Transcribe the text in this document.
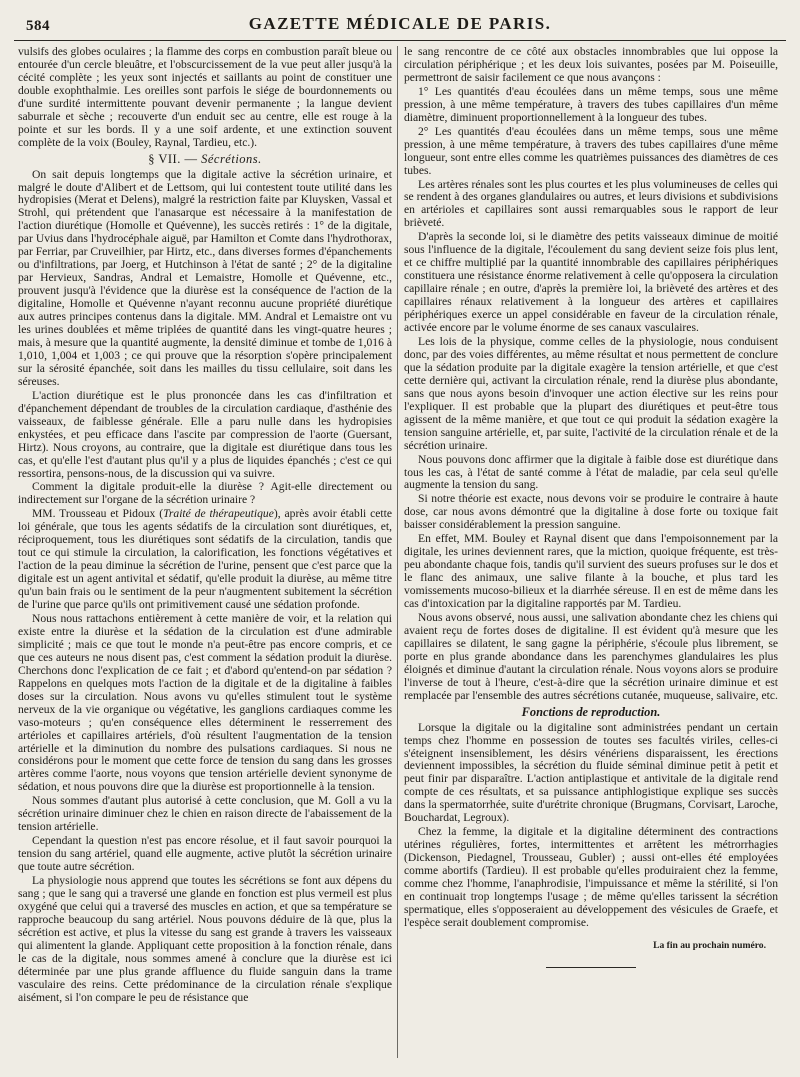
584	GAZETTE MÉDICALE DE PARIS.

vulsifs des globes oculaires ; la flamme des corps en combustion paraît bleue ou entourée d'un cercle bleuâtre, et l'obscurcissement de la vue peut aller jusqu'à la cécité complète ; les yeux sont injectés et saillants au point de constituer une double exophthalmie. Les oreilles sont parfois le siége de bourdonnements ou d'une surdité intermittente pouvant devenir permanente ; la langue devient saburrale et sèche ; recouverte d'un enduit sec au centre, elle est rouge à la pointe et sur les bords. Il y a une soif ardente, et une extinction souvent complète de la voix (Bouley, Raynal, Tardieu, etc.).

§ VII. — Sécrétions.

On sait depuis longtemps que la digitale active la sécrétion urinaire, et malgré le doute d'Alibert et de Lettsom, qui lui contestent toute utilité dans les hydropisies (Merat et Delens), malgré la restriction faite par Kluysken, Vassal et Strohl, qui prétendent que l'anasarque est nécessaire à la manifestation de l'action diurétique (Homolle et Quévenne), les succès retirés : 1° de la digitale, par Uvius dans l'hydrocéphale aiguë, par Hamilton et Comte dans l'hydrothorax, par Ferriar, par Cruveilhier, par Hirtz, etc., dans diverses formes d'épanchements ou d'infiltrations, par Joerg, et Hutchinson à l'état de santé ; 2° de la digitaline par Hervieux, Sandras, Andral et Lemaistre, Homolle et Quévenne, etc., prouvent jusqu'à l'évidence que la diurèse est la conséquence de l'action de la digitaline, Homolle et Quévenne n'ayant reconnu aucune propriété diurétique aux autres principes contenus dans la digitale. MM. Andral et Lemaistre ont vu les urines doublées et même triplées de quantité dans les vingt-quatre heures ; mais, à mesure que la quantité augmente, la densité diminue et tombe de 1,016 à 1,010, 1,004 et 1,003 ; ce qui prouve que la résorption s'opère principalement sur la sérosité épanchée, soit dans les mailles du tissu cellulaire, soit dans les séreuses.

L'action diurétique est le plus prononcée dans les cas d'infiltration et d'épanchement dépendant de troubles de la circulation cardiaque, d'asthénie des vaisseaux, de faiblesse générale. Elle a paru nulle dans les hydropisies enkystées, et peu efficace dans l'ascite par compression de l'aorte (Guersant, Hirtz). Nous croyons, au contraire, que la digitale est diurétique dans tous les cas, et qu'elle l'est d'autant plus qu'il y a plus de liquides épanchés ; c'est ce qui ressortira, pensons-nous, de la discussion qui va suivre.

Comment la digitale produit-elle la diurèse ? Agit-elle directement ou indirectement sur l'organe de la sécrétion urinaire ?

MM. Trousseau et Pidoux (Traité de thérapeutique), après avoir établi cette loi générale, que tous les agents sédatifs de la circulation sont diurétiques, et, réciproquement, tous les diurétiques sont sédatifs de la circulation, tandis que tout ce qui stimule la circulation, la calorification, les fonctions végétatives et l'action de la peau diminue la sécrétion de l'urine, pensent que c'est parce que la digitale est un agent antivital et sédatif, qu'elle produit la diurèse, au même titre qu'un bain frais ou le sentiment de la peur n'augmentent subitement la sécrétion de l'urine que parce qu'ils ont primitivement causé une sédation profonde.

Nous nous rattachons entièrement à cette manière de voir, et la relation qui existe entre la diurèse et la sédation de la circulation est d'une admirable simplicité ; mais ce que tout le monde n'a peut-être pas encore compris, et ce que ces auteurs ne nous disent pas, c'est comment la sédation produit la diurèse. Cherchons donc l'explication de ce fait ; et d'abord qu'entend-on par sédation ? Rappelons en quelques mots l'action de la digitale et de la digitaline à faibles doses sur la circulation. Nous avons vu qu'elles stimulent tout le système nerveux de la vie organique ou végétative, les ganglions cardiaques comme les vaso-moteurs ; qu'en conséquence elles déterminent le resserrement des artérioles et capillaires artériels, d'où résultent l'augmentation de la tension artérielle et la diminution du nombre des pulsations cardiaques. Si nous ne considérons pour le moment que cette force de tension du sang dans les grosses artères comme l'aorte, nous voyons que tension artérielle devient synonyme de sédation, et nous pouvons dire que la diurèse est proportionnelle à la tension.

Nous sommes d'autant plus autorisé à cette conclusion, que M. Goll a vu la sécrétion urinaire diminuer chez le chien en raison directe de l'abaissement de la tension artérielle.

Cependant la question n'est pas encore résolue, et il faut savoir pourquoi la tension du sang artériel, quand elle augmente, active plutôt la sécrétion urinaire que toute autre sécrétion.

La physiologie nous apprend que toutes les sécrétions se font aux dépens du sang ; que le sang qui a traversé une glande en fonction est plus vermeil est plus oxygéné que celui qui a traversé des muscles en action, et que sa température se rapproche beaucoup du sang artériel. Nous pouvons déduire de là que, plus la sécrétion est active, et plus la vitesse du sang est grande à travers les vaisseaux qui alimentent la glande. Appliquant cette proposition à la fonction rénale, dans le cas de la digitale, nous sommes amené à conclure que la diurèse est ici déterminée par une plus grande affluence du fluide sanguin dans la trame vasculaire des reins. Cette prédominance de la circulation rénale s'explique aisément, si l'on compare le peu de résistance que

le sang rencontre de ce côté aux obstacles innombrables que lui oppose la circulation périphérique ; et les deux lois suivantes, posées par M. Poiseuille, permettront de saisir facilement ce que nous avançons :

1° Les quantités d'eau écoulées dans un même temps, sous une même pression, à une même température, à travers des tubes capillaires d'un même diamètre, diminuent proportionnellement à la longueur des tubes.

2° Les quantités d'eau écoulées dans un même temps, sous une même pression, à une même température, à travers des tubes capillaires d'une même longueur, sont entre elles comme les quatrièmes puissances des diamètres de ces tubes.

Les artères rénales sont les plus courtes et les plus volumineuses de celles qui se rendent à des organes glandulaires ou autres, et leurs divisions et subdivisions en artérioles et capillaires sont aussi remarquables sous le rapport de leur brièveté.

D'après la seconde loi, si le diamètre des petits vaisseaux diminue de moitié sous l'influence de la digitale, l'écoulement du sang devient seize fois plus lent, et ce chiffre multiplié par la quantité innombrable des capillaires périphériques constituera une résistance énorme relativement à celle qu'opposera la circulation capillaire rénale ; en outre, d'après la première loi, la brièveté des artères et des capillaires rénaux relativement à la longueur des artères et capillaires périphériques exerce un appel considérable en faveur de la circulation rénale, activée encore par le volume énorme de ses canaux vasculaires.

Les lois de la physique, comme celles de la physiologie, nous conduisent donc, par des voies différentes, au même résultat et nous permettent de conclure que la sédation produite par la digitale exagère la tension artérielle, et que c'est cette dernière qui, activant la circulation rénale, rend la diurèse plus abondante, sans que nous ayons besoin d'invoquer une action élective sur les reins pour l'expliquer. Il est probable que la plupart des diurétiques et peut-être tous agissent de la même manière, et que tout ce qui produit la sédation exagère la tension sanguine artérielle, et, par suite, l'activité de la circulation rénale et de la sécrétion urinaire.

Nous pouvons donc affirmer que la digitale à faible dose est diurétique dans tous les cas, à l'état de santé comme à l'état de maladie, par cela seul qu'elle augmente la tension du sang.

Si notre théorie est exacte, nous devons voir se produire le contraire à haute dose, car nous avons démontré que la digitaline à dose forte ou toxique fait baisser considérablement la pression sanguine.

En effet, MM. Bouley et Raynal disent que dans l'empoisonnement par la digitale, les urines deviennent rares, que la miction, quoique fréquente, est très-peu abondante chaque fois, tandis qu'il survient des sueurs profuses sur le dos et le flanc des animaux, une salive filante à la bouche, et plus tard les vomissements mucoso-bilieux et la diarrhée séreuse. Il en est de même dans les cas d'intoxication par la digitaline rapportés par M. Tardieu.

Nous avons observé, nous aussi, une salivation abondante chez les chiens qui avaient reçu de fortes doses de digitaline. Il est évident qu'à mesure que les capillaires se dilatent, le sang gagne la périphérie, s'écoule plus librement, se porte en plus grande abondance dans les parenchymes glandulaires les plus éloignés et diminue d'autant la circulation rénale. Nous voyons alors se produire l'inverse de tout à l'heure, c'est-à-dire que la sécrétion urinaire diminue et est remplacée par l'ensemble des autres sécrétions cutanée, muqueuse, salivaire, etc.

Fonctions de reproduction.

Lorsque la digitale ou la digitaline sont administrées pendant un certain temps chez l'homme en possession de toutes ses facultés viriles, celles-ci s'éteignent insensiblement, les désirs vénériens disparaissent, les érections deviennent impossibles, la sécrétion du fluide séminal diminue petit à petit et peut finir par disparaître. L'action antiplastique et antivitale de la digitale rend compte de ces résultats, et sa puissance antiphlogistique explique ses succès dans la spermatorrhée, suite d'urétrite chronique (Brugmans, Corvisart, Laroche, Bouchardat, Legroux).

Chez la femme, la digitale et la digitaline déterminent des contractions utérines régulières, fortes, intermittentes et arrêtent les métrorrhagies (Dickenson, Piedagnel, Trousseau, Gubler) ; aussi ont-elles été employées comme abortifs (Tardieu). Il est probable qu'elles produiraient chez la femme, comme chez l'homme, l'anaphrodisie, l'impuissance et même la stérilité, si l'on en continuait trop longtemps l'usage ; de même qu'elles tarissent la sécrétion spermatique, elles s'opposeraient au développement des vésicules de Graefe, et l'espèce serait doublement compromise.

La fin au prochain numéro.
